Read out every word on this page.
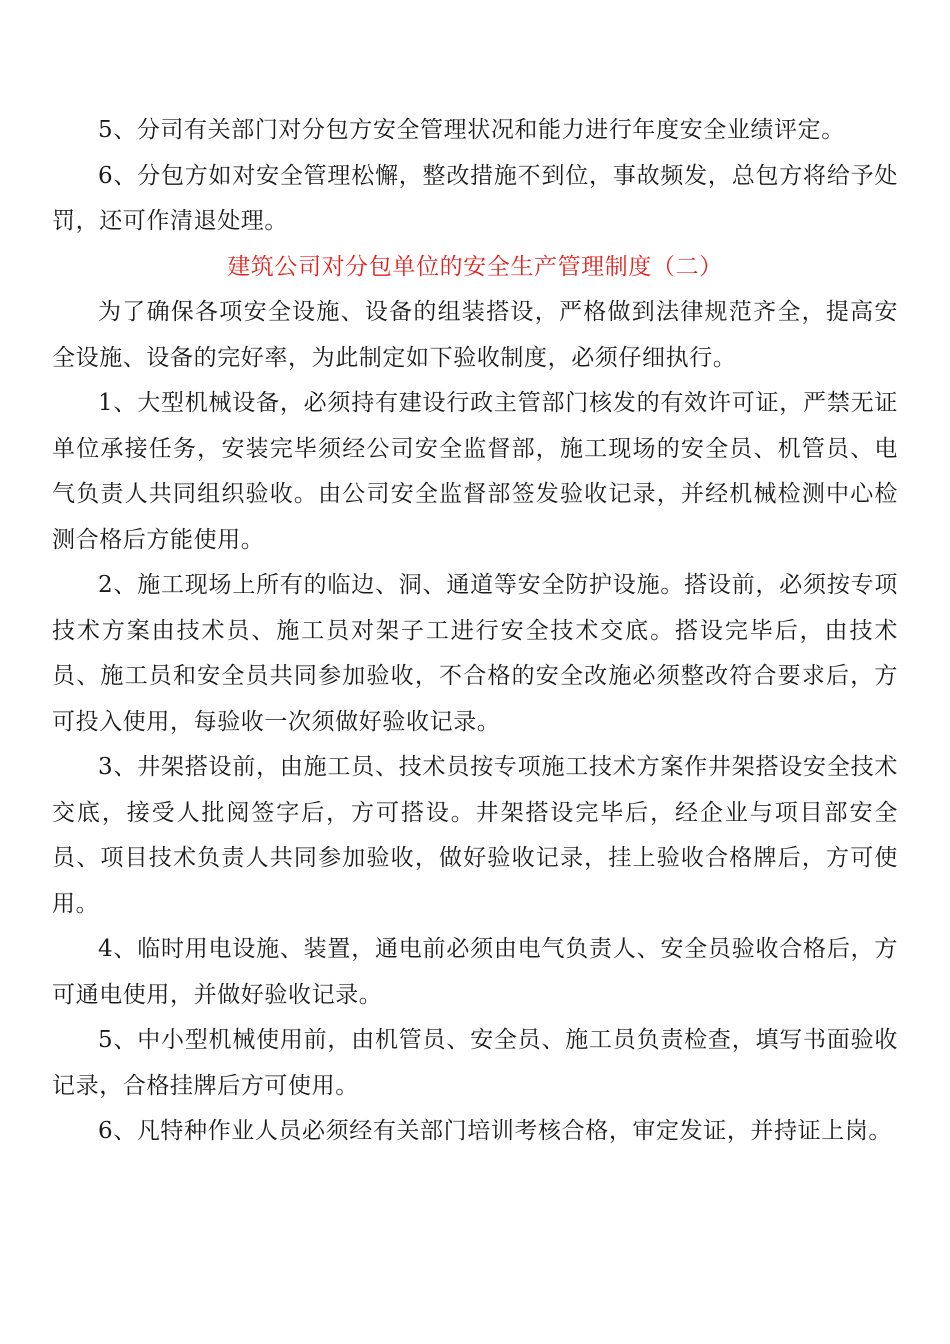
5、分司有关部门对分包方安全管理状况和能力进行年度安全业绩评定。

6、分包方如对安全管理松懈，整改措施不到位，事故频发，总包方将给予处罚，还可作清退处理。

建筑公司对分包单位的安全生产管理制度（二）

为了确保各项安全设施、设备的组装搭设，严格做到法律规范齐全，提高安全设施、设备的完好率，为此制定如下验收制度，必须仔细执行。

1、大型机械设备，必须持有建设行政主管部门核发的有效许可证，严禁无证单位承接任务，安装完毕须经公司安全监督部，施工现场的安全员、机管员、电气负责人共同组织验收。由公司安全监督部签发验收记录，并经机械检测中心检测合格后方能使用。

2、施工现场上所有的临边、洞、通道等安全防护设施。搭设前，必须按专项技术方案由技术员、施工员对架子工进行安全技术交底。搭设完毕后，由技术员、施工员和安全员共同参加验收，不合格的安全改施必须整改符合要求后，方可投入使用，每验收一次须做好验收记录。

3、井架搭设前，由施工员、技术员按专项施工技术方案作井架搭设安全技术交底，接受人批阅签字后，方可搭设。井架搭设完毕后，经企业与项目部安全员、项目技术负责人共同参加验收，做好验收记录，挂上验收合格牌后，方可使用。

4、临时用电设施、装置，通电前必须由电气负责人、安全员验收合格后，方可通电使用，并做好验收记录。

5、中小型机械使用前，由机管员、安全员、施工员负责检查，填写书面验收记录，合格挂牌后方可使用。

6、凡特种作业人员必须经有关部门培训考核合格，审定发证，并持证上岗。
